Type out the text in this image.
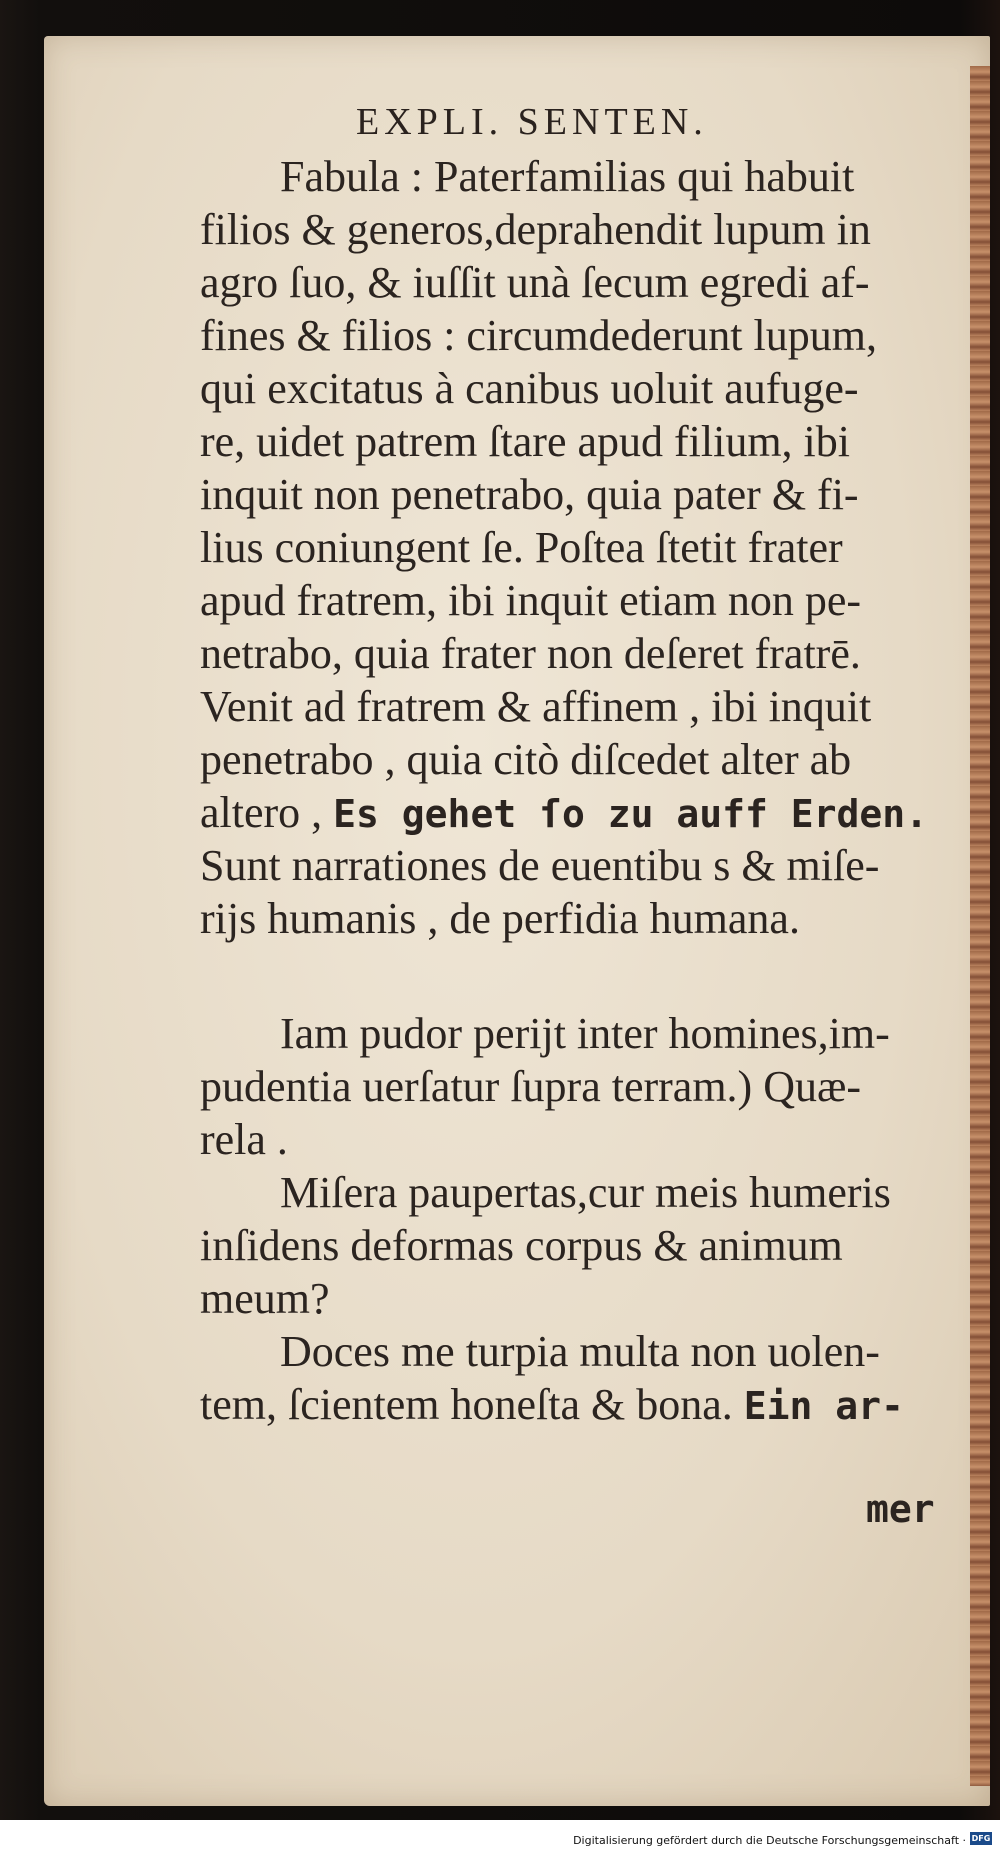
EXPLI. SENTEN.
Fabula : Paterfamilias qui habuit
filios & generos,deprahendit lupum in
agro ſuo, & iuſſit unà ſecum egredi af-
fines & filios : circumdederunt lupum,
qui excitatus à canibus uoluit aufuge-
re, uidet patrem ſtare apud filium, ibi
inquit non penetrabo, quia pater & fi-
lius coniungent ſe. Poſtea ſtetit frater
apud fratrem, ibi inquit etiam non pe-
netrabo, quia frater non deſeret fratrē.
Venit ad fratrem & affinem , ibi inquit
penetrabo , quia citò diſcedet alter ab
altero , Es gehet ſo zu auff Erden.
Sunt narrationes de euentibu s & miſe-
rijs humanis , de perfidia humana.
Iam pudor perijt inter homines,im-
pudentia uerſatur ſupra terram.) Quæ-
rela .
Miſera paupertas,cur meis humeris
inſidens deformas corpus & animum
meum?
Doces me turpia multa non uolen-
tem, ſcientem honeſta & bona. Ein ar-
mer
Digitalisierung gefördert durch die Deutsche Forschungsgemeinschaft · DFG
